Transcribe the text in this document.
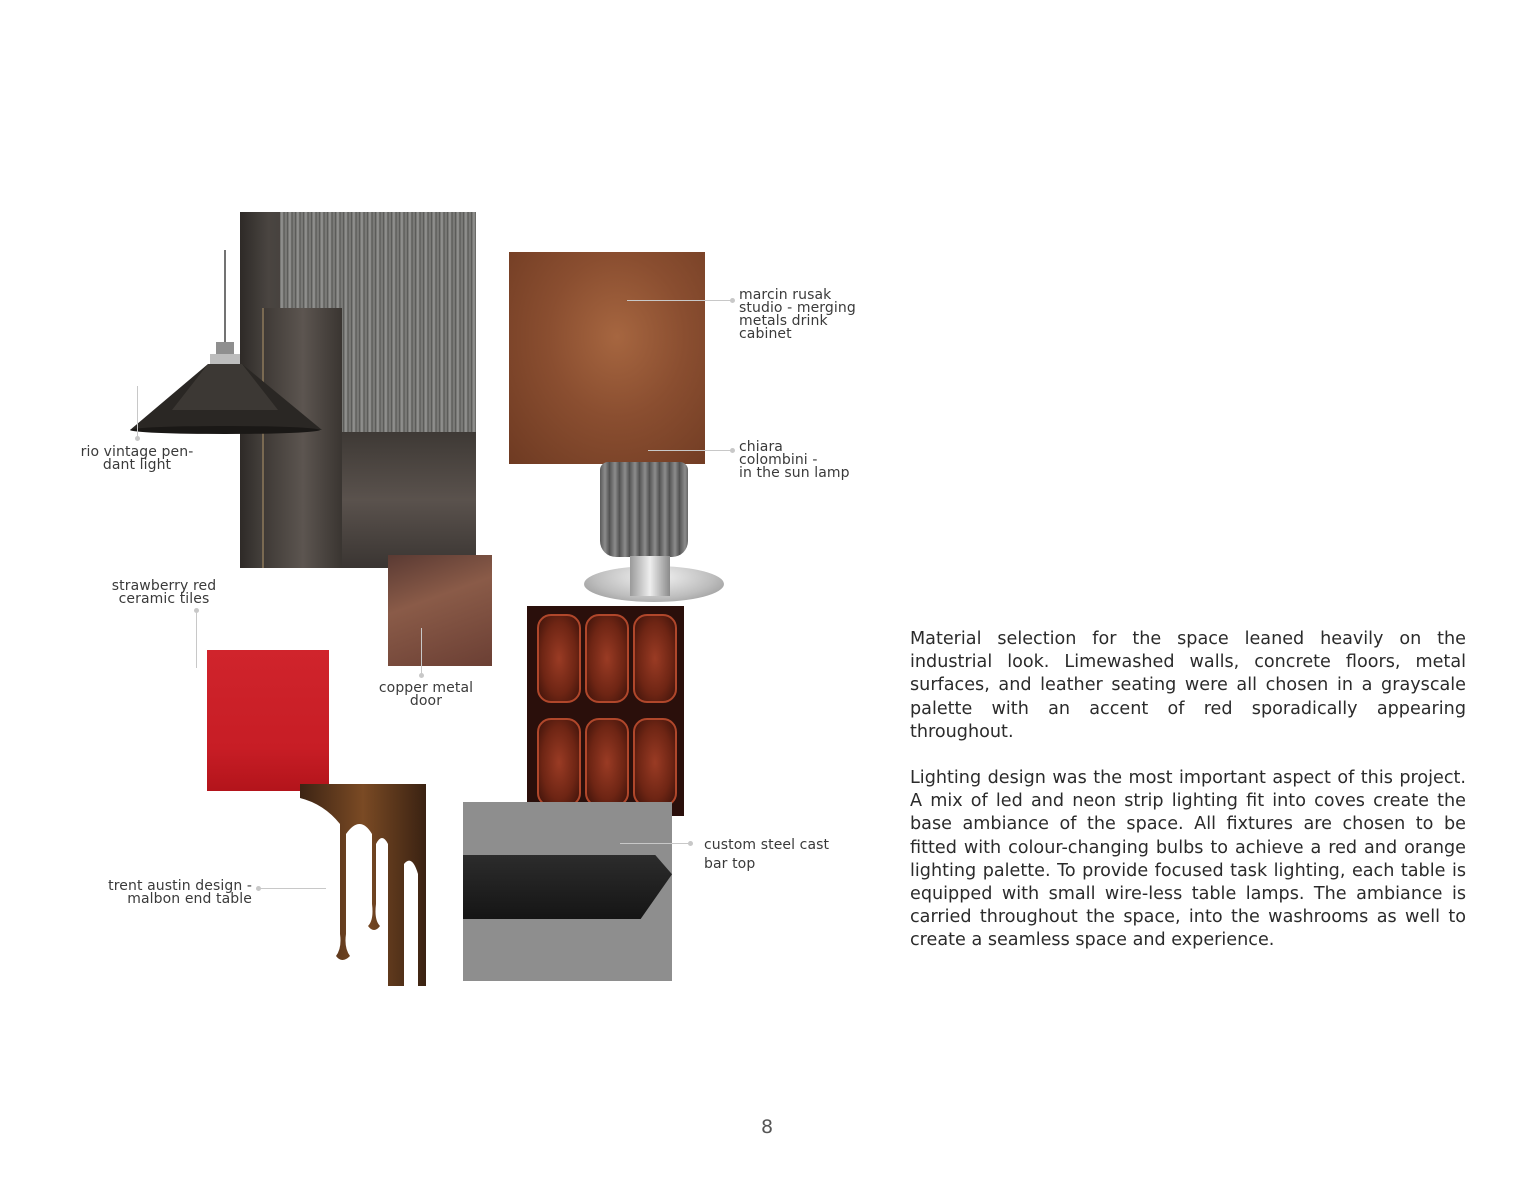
rio vintage pen-
dant light
marcin rusak
studio - merging
metals drink
cabinet
chiara
colombini -
in the sun lamp
strawberry red
ceramic tiles
copper metal
door
custom steel cast
bar top
trent austin design -
malbon end table

Material selection for the space leaned heavily on the industrial look. Limewashed walls, concrete floors, metal surfaces, and leather seating were all chosen in a grayscale palette with an accent of red sporadically appearing throughout.

Lighting design was the most important aspect of this project. A mix of led and neon strip lighting fit into coves create the base ambiance of the space. All fixtures are chosen to be fitted with colour-changing bulbs to achieve a red and orange lighting palette. To provide focused task lighting, each table is equipped with small wire-less table lamps. The ambiance is carried throughout the space, into the washrooms as well to create a seamless space and experience.

8
